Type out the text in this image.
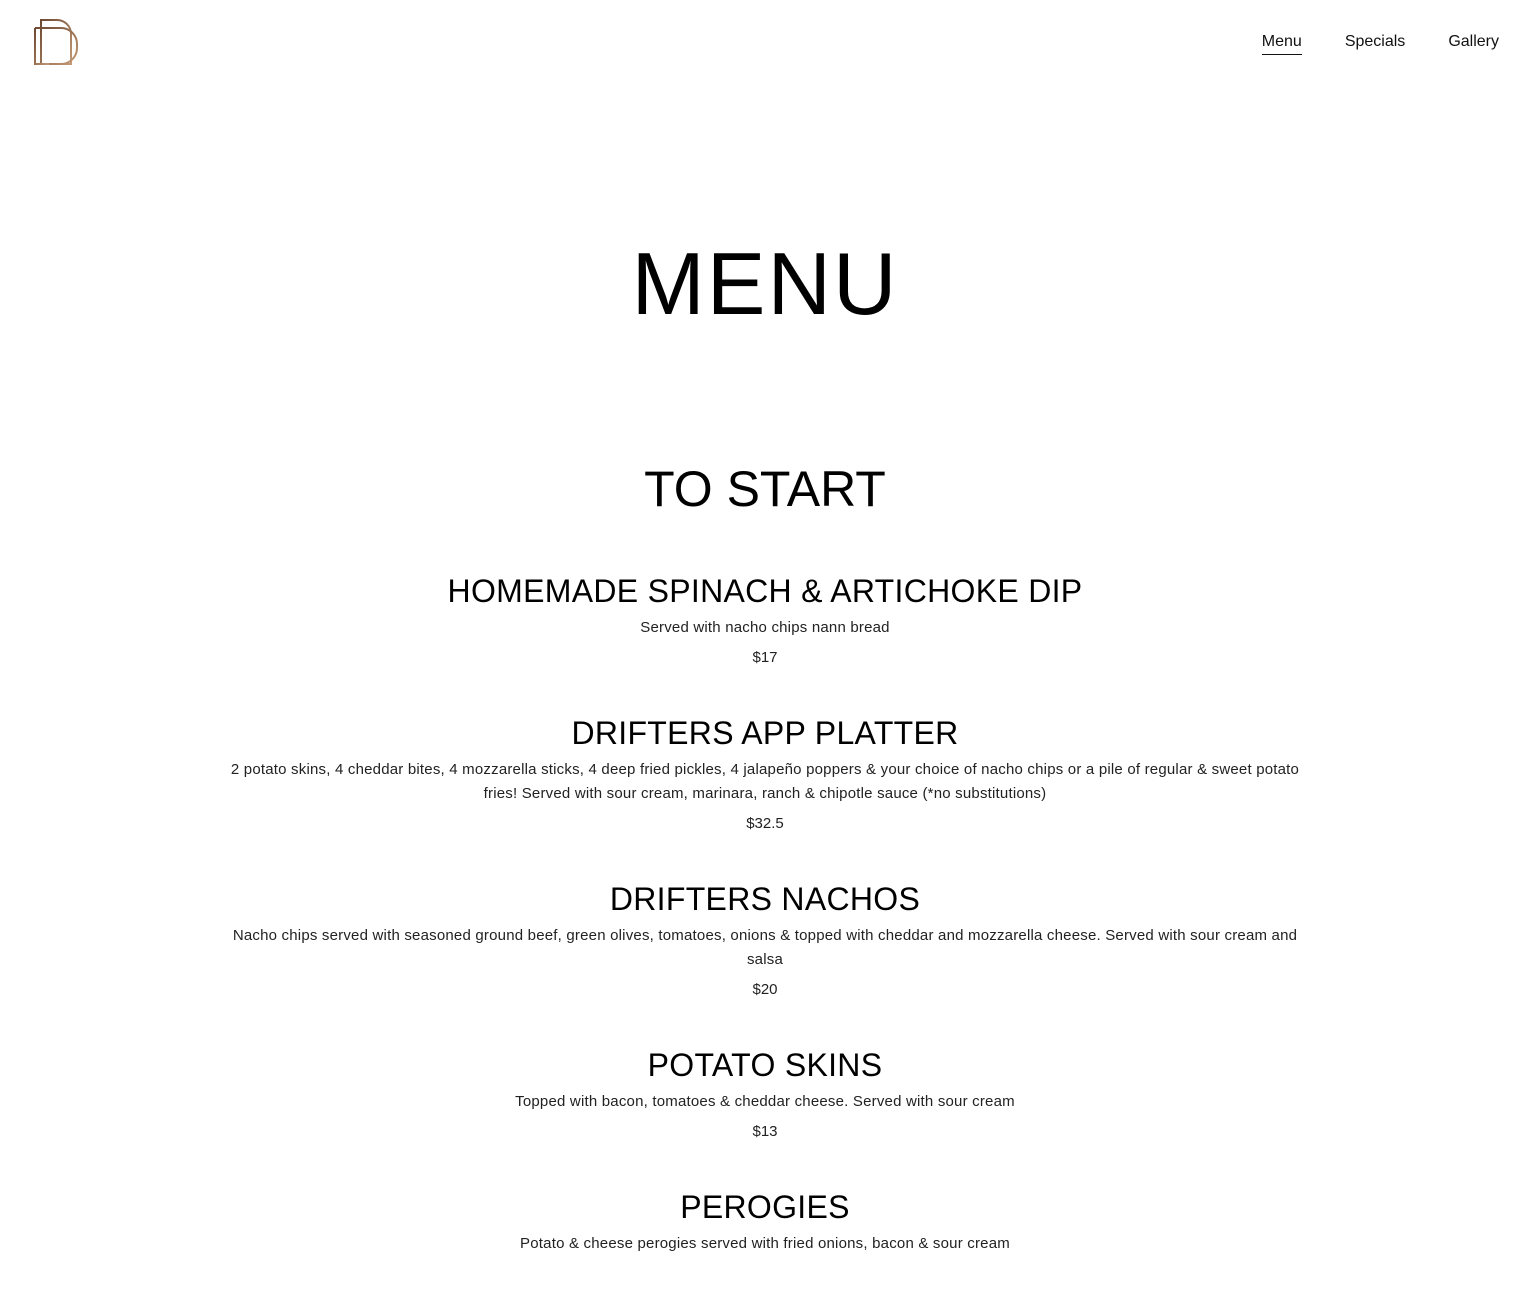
Menu	Specials	Gallery
MENU
TO START
HOMEMADE SPINACH & ARTICHOKE DIP

Served with nacho chips nann bread

$17

DRIFTERS APP PLATTER

2 potato skins, 4 cheddar bites, 4 mozzarella sticks, 4 deep fried pickles, 4 jalapeño poppers & your choice of nacho chips or a pile of regular & sweet potato fries! Served with sour cream, marinara, ranch & chipotle sauce (*no substitutions)

$32.5

DRIFTERS NACHOS

Nacho chips served with seasoned ground beef, green olives, tomatoes, onions & topped with cheddar and mozzarella cheese. Served with sour cream and salsa

$20

POTATO SKINS

Topped with bacon, tomatoes & cheddar cheese. Served with sour cream

$13

PEROGIES

Potato & cheese perogies served with fried onions, bacon & sour cream
